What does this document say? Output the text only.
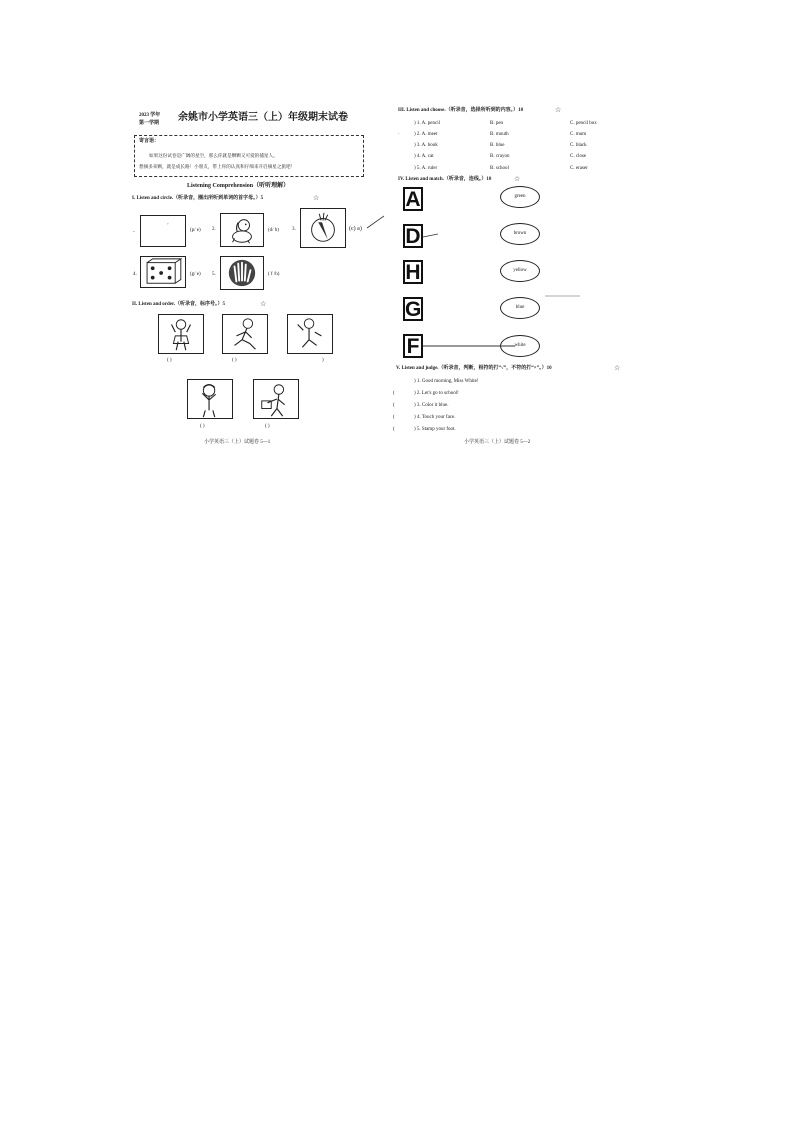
2023 学年
第一学期
余姚市小学英语三（上）年级期末试卷
寄言语：
如果这份试卷是广阔的星空，那么你就是颗颗又可爱的捕星人。
想摘多来颗，就是成长路！小朋友，带上你的认真和仔细来开启摘星之旅吧！
Listening Comprehension（听听理解）
I. Listen and circle.（听录音，圈出所听到单词的首字母。）5	☆
-
˚
(p/ e) 2.	(d/ b)	3.	(c) a)
4.	(g/ e) 5.	( f /h)
II. Listen and order.（听录音，标序号。）5	☆
( )	( )	)
( )	( )
小学英语三（上）试题卷 5—1
III. Listen and choose.（听录音，选择所听到的内容。）10	☆
) 1. A. pencil	B. pen	C. pencil box
·	) 2. A. meet	B. mouth	C. mum
) 3. A. book	B. blue	C. black
) 4. A. cat	B. crayon	C. close
) 5. A. ruler	B. school	C. eraser
IV. Listen and match.（听录音，连线。）10	☆
A
D
H
G
F
green
brown
yellow
blue
white
V. Listen and judge.（听录音，判断，相符的打“√”，不符的打“×”。）10	☆
) 1. Good morning, Miss White!
(	) 2. Let's go to school!
(	) 3. Color it blue.
(	) 4. Touch your face.
(	) 5. Stamp your foot.
小学英语三（上）试题卷 5—2
